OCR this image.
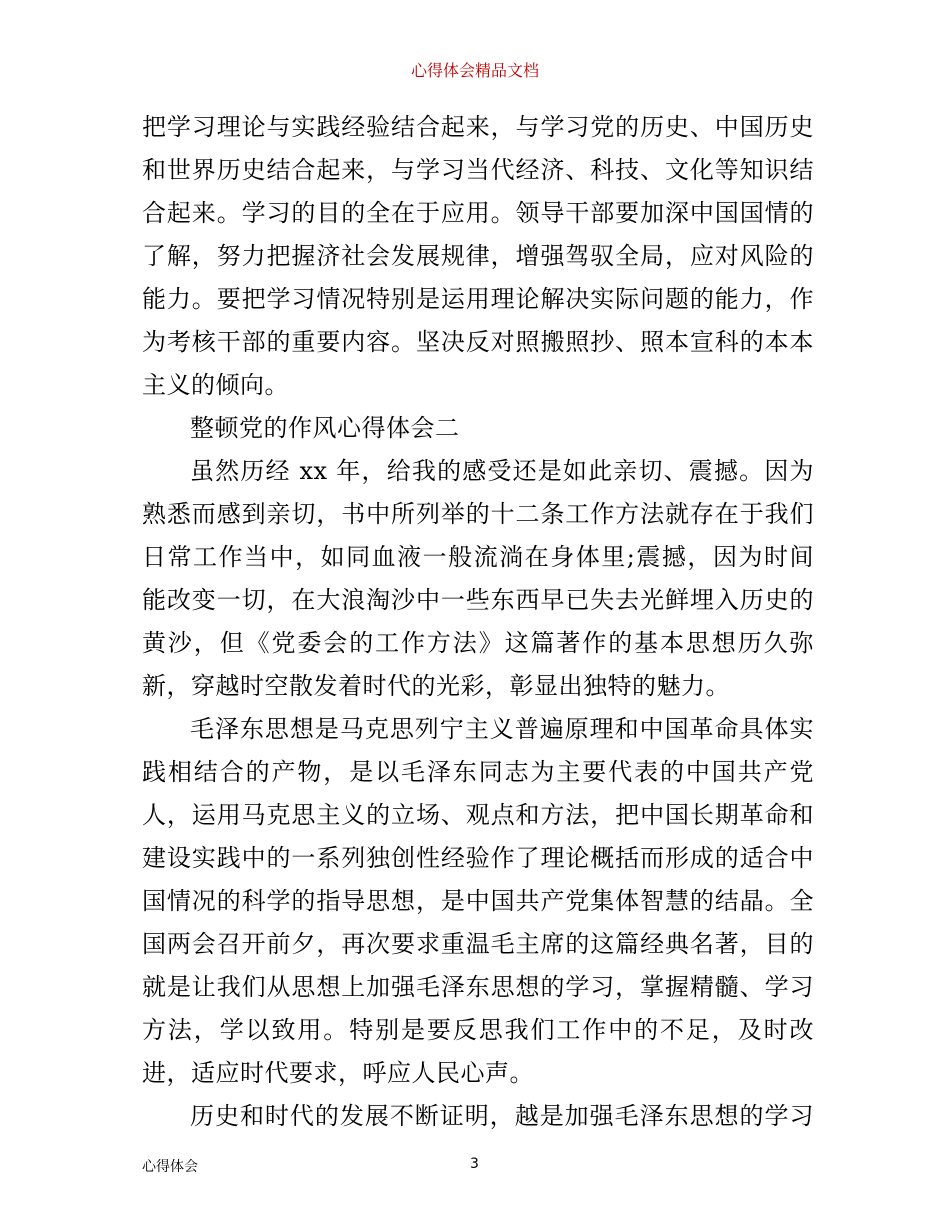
心得体会精品文档
把学习理论与实践经验结合起来，与学习党的历史、中国历史
和世界历史结合起来，与学习当代经济、科技、文化等知识结
合起来。学习的目的全在于应用。领导干部要加深中国国情的
了解，努力把握济社会发展规律，增强驾驭全局，应对风险的
能力。要把学习情况特别是运用理论解决实际问题的能力，作
为考核干部的重要内容。坚决反对照搬照抄、照本宣科的本本
主义的倾向。
整顿党的作风心得体会二
虽然历经 xx 年，给我的感受还是如此亲切、震撼。因为
熟悉而感到亲切，书中所列举的十二条工作方法就存在于我们
日常工作当中，如同血液一般流淌在身体里;震撼，因为时间
能改变一切，在大浪淘沙中一些东西早已失去光鲜埋入历史的
黄沙，但《党委会的工作方法》这篇著作的基本思想历久弥
新，穿越时空散发着时代的光彩，彰显出独特的魅力。
毛泽东思想是马克思列宁主义普遍原理和中国革命具体实
践相结合的产物，是以毛泽东同志为主要代表的中国共产党
人，运用马克思主义的立场、观点和方法，把中国长期革命和
建设实践中的一系列独创性经验作了理论概括而形成的适合中
国情况的科学的指导思想，是中国共产党集体智慧的结晶。全
国两会召开前夕，再次要求重温毛主席的这篇经典名著，目的
就是让我们从思想上加强毛泽东思想的学习，掌握精髓、学习
方法，学以致用。特别是要反思我们工作中的不足，及时改
进，适应时代要求，呼应人民心声。
历史和时代的发展不断证明，越是加强毛泽东思想的学习
心得体会	3
